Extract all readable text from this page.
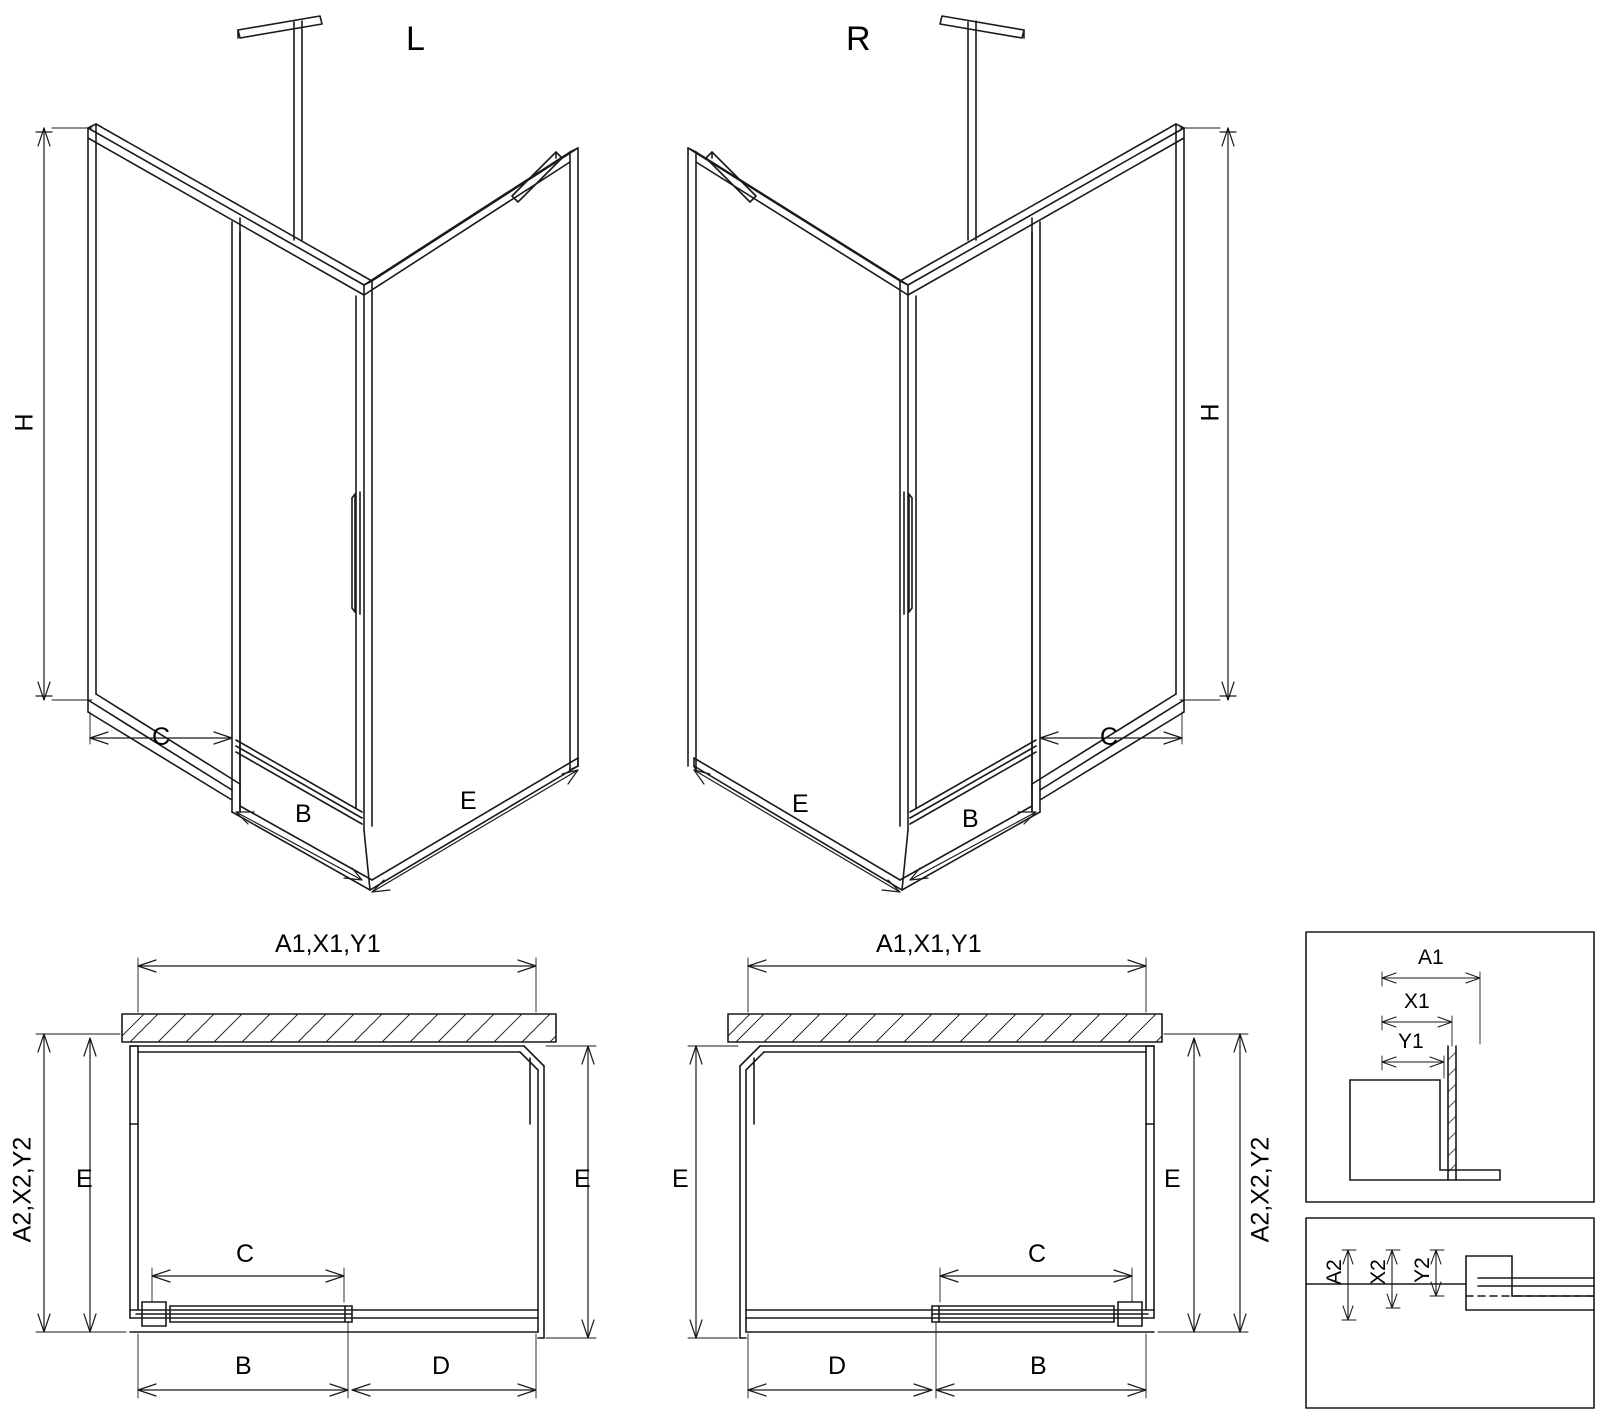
L	R
H
C
B	E
H
C
B
E
A1,X1,Y1
A2,X2,Y2 E	E
C
B	D
A1,X1,Y1
A2,X2,Y2
E	E
C
B
D
A1
X1
Y1
A2 X2 Y2
